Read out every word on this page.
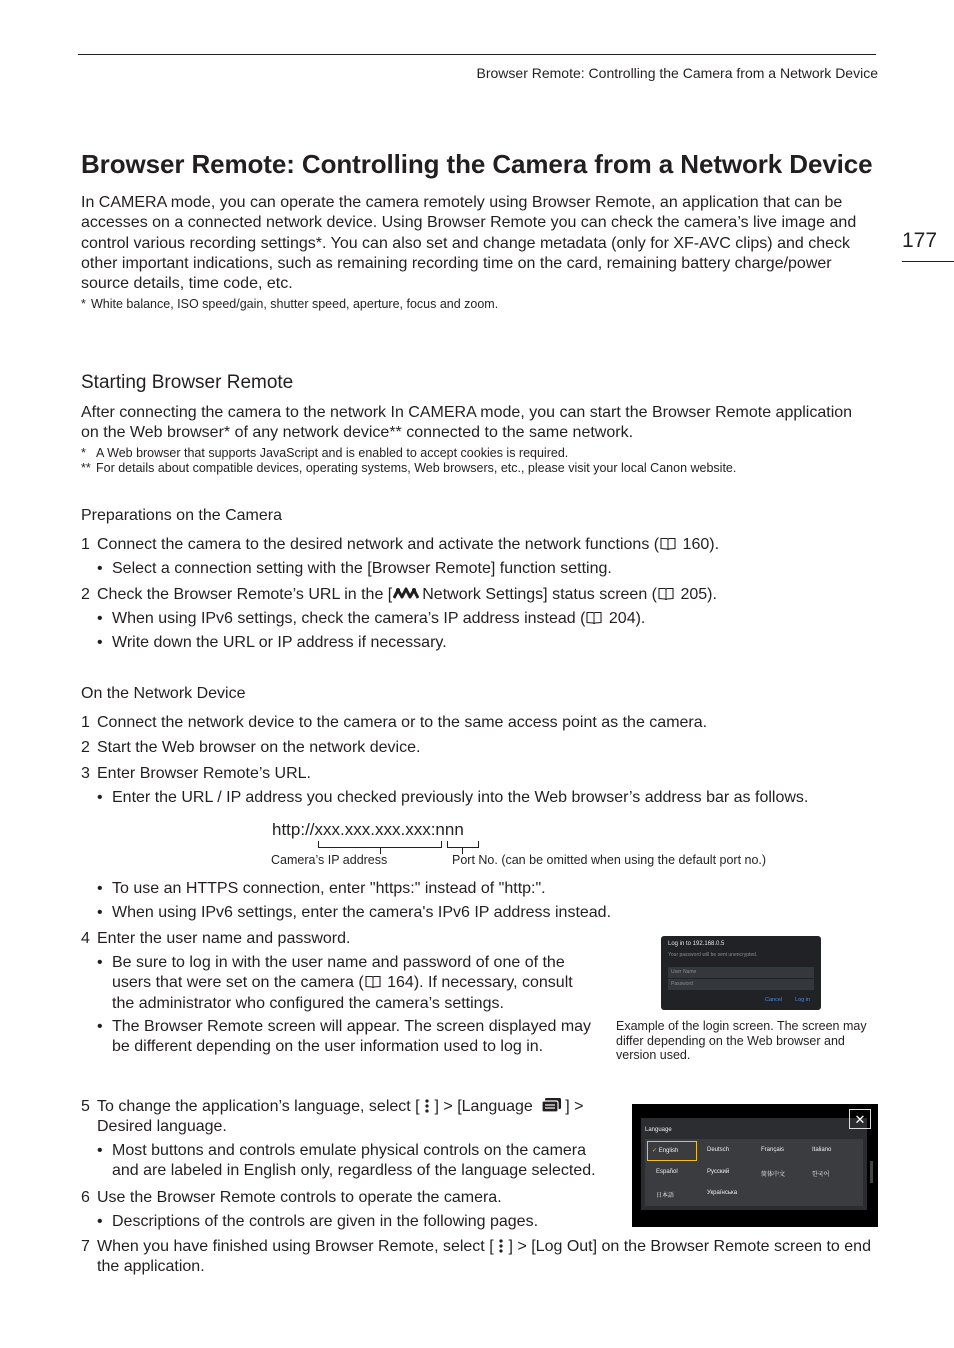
Browser Remote: Controlling the Camera from a Network Device
177
Browser Remote: Controlling the Camera from a Network Device
In CAMERA mode, you can operate the camera remotely using Browser Remote, an application that can be accesses on a connected network device. Using Browser Remote you can check the camera’s live image and control various recording settings*. You can also set and change metadata (only for XF-AVC clips) and check other important indications, such as remaining recording time on the card, remaining battery charge/power source details, time code, etc.
* White balance, ISO speed/gain, shutter speed, aperture, focus and zoom.
Starting Browser Remote
After connecting the camera to the network In CAMERA mode, you can start the Browser Remote application on the Web browser* of any network device** connected to the same network.
* A Web browser that supports JavaScript and is enabled to accept cookies is required.
** For details about compatible devices, operating systems, Web browsers, etc., please visit your local Canon website.
Preparations on the Camera
1 Connect the camera to the desired network and activate the network functions ( 160).
• Select a connection setting with the [Browser Remote] function setting.
2 Check the Browser Remote’s URL in the [ Network Settings] status screen ( 205).
• When using IPv6 settings, check the camera’s IP address instead ( 204).
• Write down the URL or IP address if necessary.
On the Network Device
1 Connect the network device to the camera or to the same access point as the camera.
2 Start the Web browser on the network device.
3 Enter Browser Remote’s URL.
• Enter the URL / IP address you checked previously into the Web browser’s address bar as follows.
http://xxx.xxx.xxx.xxx:nnn
Camera’s IP address	Port No. (can be omitted when using the default port no.)
• To use an HTTPS connection, enter "https:" instead of "http:".
• When using IPv6 settings, enter the camera's IPv6 IP address instead.
4 Enter the user name and password.
• Be sure to log in with the user name and password of one of the users that were set on the camera ( 164). If necessary, consult the administrator who configured the camera’s settings.
• The Browser Remote screen will appear. The screen displayed may be different depending on the user information used to log in.
Log in to 192.168.0.5
Your password will be sent unencrypted.
User Name
Password
Cancel Log in
Example of the login screen. The screen may differ depending on the Web browser and version used.
5 To change the application’s language, select [ ] > [Language ] > Desired language.
• Most buttons and controls emulate physical controls on the camera and are labeled in English only, regardless of the language selected.
Language
✓ English	Deutsch	Français	Italiano
Español	Русский	简体中文	한국어
日本語	Українська
✕
6 Use the Browser Remote controls to operate the camera.
• Descriptions of the controls are given in the following pages.
7 When you have finished using Browser Remote, select [ ] > [Log Out] on the Browser Remote screen to end the application.
